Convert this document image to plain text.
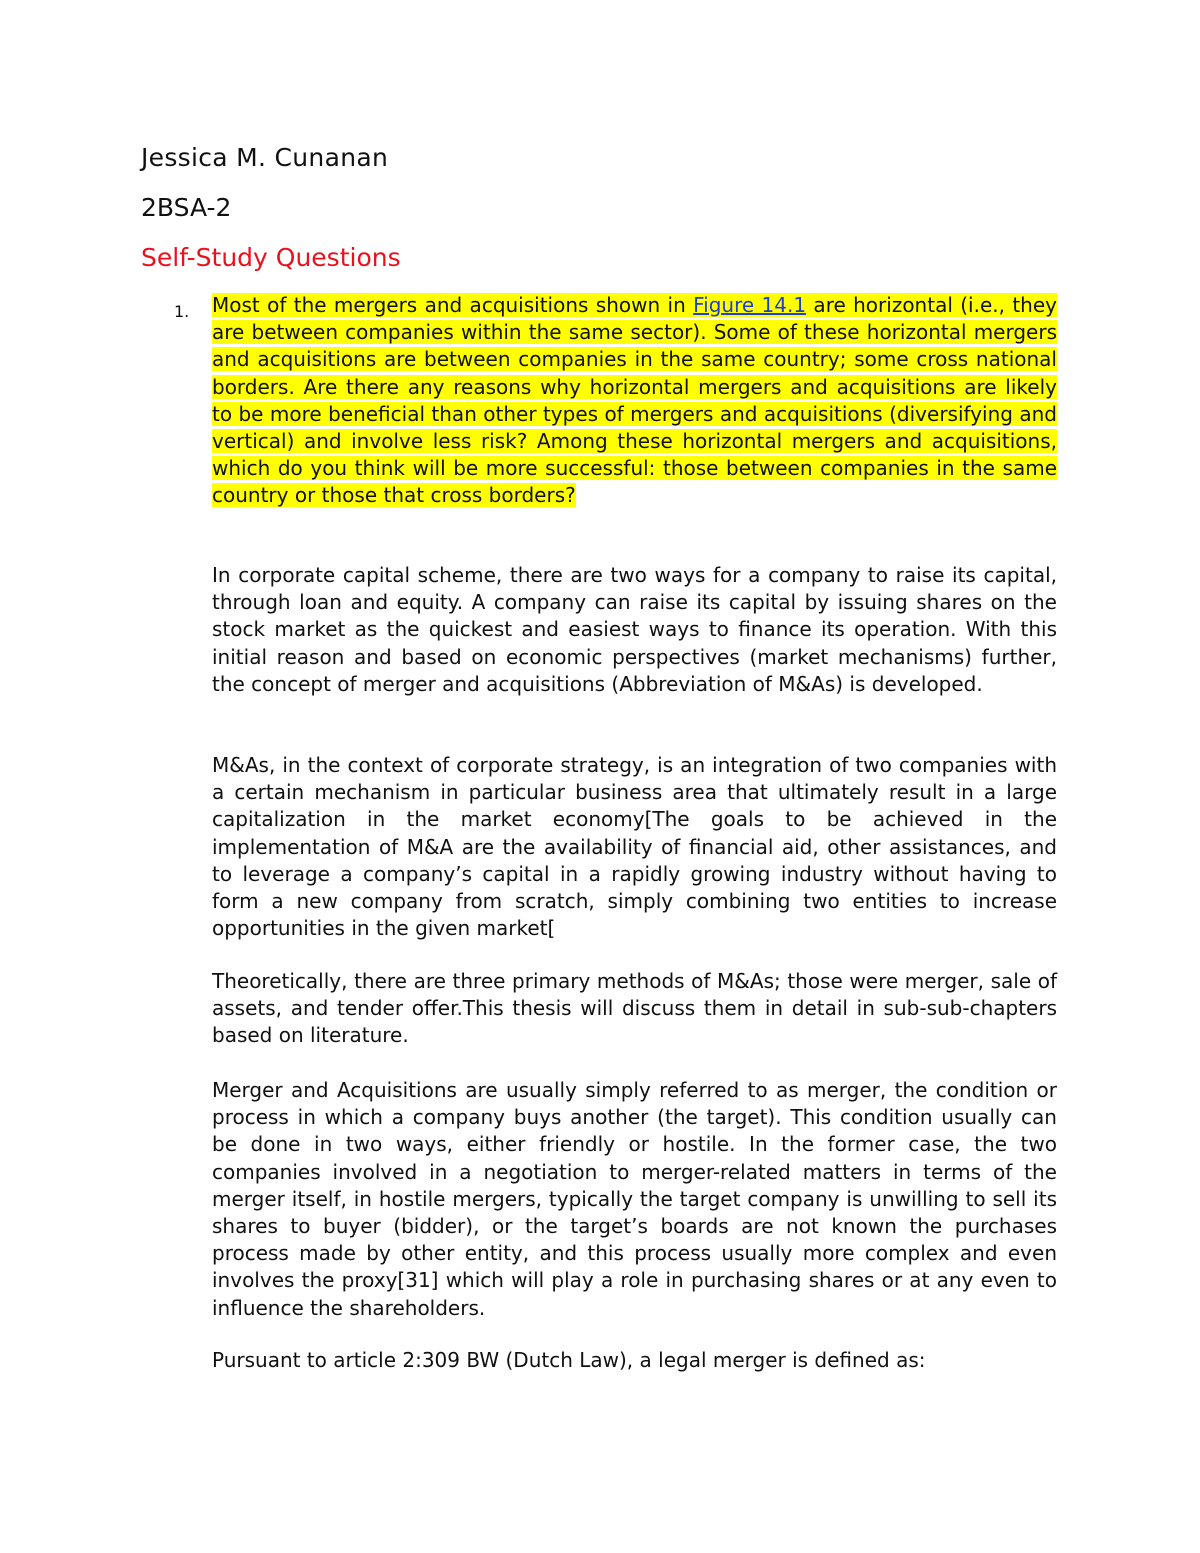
Jessica M. Cunanan
2BSA-2
Self-Study Questions
1. Most of the mergers and acquisitions shown in Figure 14.1 are horizontal (i.e., they are between companies within the same sector). Some of these horizontal mergers and acquisitions are between companies in the same country; some cross national borders. Are there any reasons why horizontal mergers and acquisitions are likely to be more beneficial than other types of mergers and acquisitions (diversifying and vertical) and involve less risk? Among these horizontal mergers and acquisitions, which do you think will be more successful: those between companies in the same country or those that cross borders?

In corporate capital scheme, there are two ways for a company to raise its capital, through loan and equity. A company can raise its capital by issuing shares on the stock market as the quickest and easiest ways to finance its operation. With this initial reason and based on economic perspectives (market mechanisms) further, the concept of merger and acquisitions (Abbreviation of M&As) is developed.

M&As, in the context of corporate strategy, is an integration of two companies with a certain mechanism in particular business area that ultimately result in a large capitalization in the market economy[The goals to be achieved in the implementation of M&A are the availability of financial aid, other assistances, and to leverage a company’s capital in a rapidly growing industry without having to form a new company from scratch, simply combining two entities to increase opportunities in the given market[

Theoretically, there are three primary methods of M&As; those were merger, sale of assets, and tender offer.This thesis will discuss them in detail in sub-sub-chapters based on literature.

Merger and Acquisitions are usually simply referred to as merger, the condition or process in which a company buys another (the target). This condition usually can be done in two ways, either friendly or hostile. In the former case, the two companies involved in a negotiation to merger-related matters in terms of the merger itself, in hostile mergers, typically the target company is unwilling to sell its shares to buyer (bidder), or the target’s boards are not known the purchases process made by other entity, and this process usually more complex and even involves the proxy[31] which will play a role in purchasing shares or at any even to influence the shareholders.

Pursuant to article 2:309 BW (Dutch Law), a legal merger is defined as:
